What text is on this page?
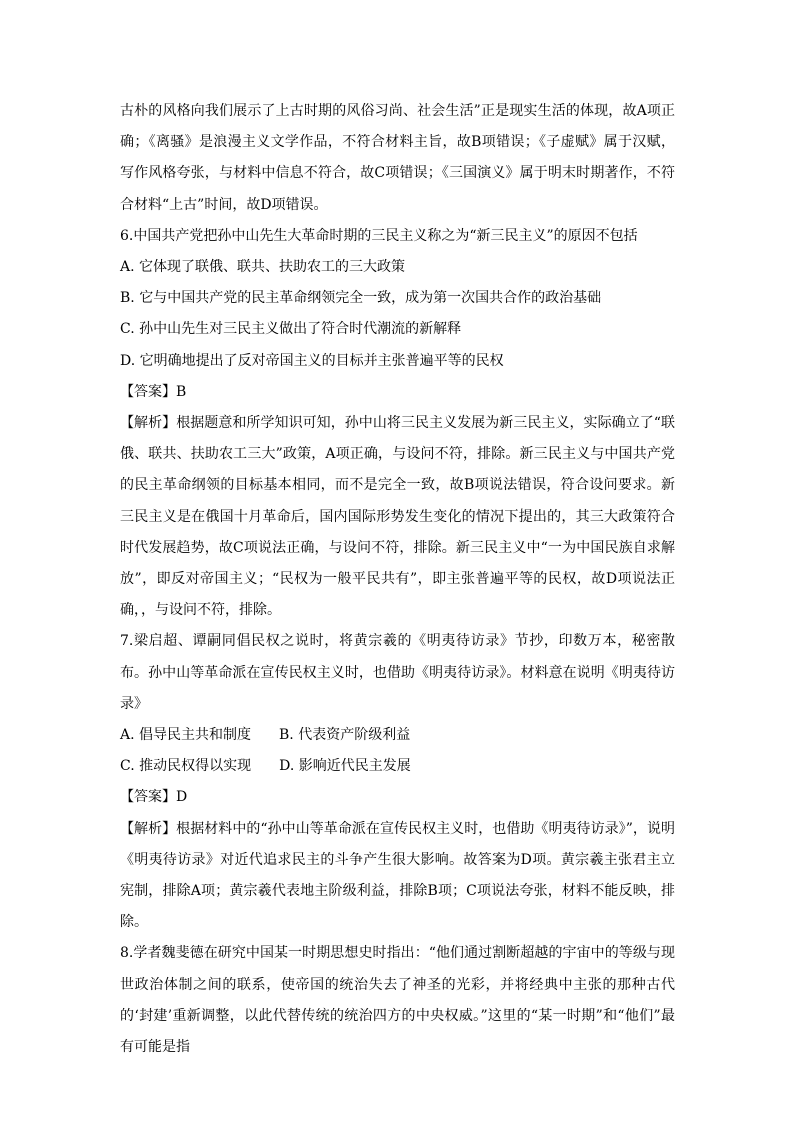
古朴的风格向我们展示了上古时期的风俗习尚、社会生活”正是现实生活的体现，故A项正确；《离骚》是浪漫主义文学作品，不符合材料主旨，故B项错误；《子虚赋》属于汉赋，写作风格夸张，与材料中信息不符合，故C项错误；《三国演义》属于明末时期著作，不符合材料“上古”时间，故D项错误。

6.中国共产党把孙中山先生大革命时期的三民主义称之为“新三民主义”的原因不包括

A. 它体现了联俄、联共、扶助农工的三大政策

B. 它与中国共产党的民主革命纲领完全一致，成为第一次国共合作的政治基础

C. 孙中山先生对三民主义做出了符合时代潮流的新解释

D. 它明确地提出了反对帝国主义的目标并主张普遍平等的民权

【答案】B

【解析】根据题意和所学知识可知，孙中山将三民主义发展为新三民主义，实际确立了“联俄、联共、扶助农工三大”政策，A项正确，与设问不符，排除。新三民主义与中国共产党的民主革命纲领的目标基本相同，而不是完全一致，故B项说法错误，符合设问要求。新三民主义是在俄国十月革命后，国内国际形势发生变化的情况下提出的，其三大政策符合时代发展趋势，故C项说法正确，与设问不符，排除。新三民主义中“一为中国民族自求解放”，即反对帝国主义；“民权为一般平民共有”，即主张普遍平等的民权，故D项说法正确，，与设问不符，排除。

7.梁启超、谭嗣同倡民权之说时，将黄宗羲的《明夷待访录》节抄，印数万本，秘密散布。孙中山等革命派在宣传民权主义时，也借助《明夷待访录》。材料意在说明《明夷待访录》

A. 倡导民主共和制度 B. 代表资产阶级利益

C. 推动民权得以实现 D. 影响近代民主发展

【答案】D

【解析】根据材料中的“孙中山等革命派在宣传民权主义时，也借助《明夷待访录》”，说明《明夷待访录》对近代追求民主的斗争产生很大影响。故答案为D项。黄宗羲主张君主立宪制，排除A项；黄宗羲代表地主阶级利益，排除B项；C项说法夸张，材料不能反映，排除。

8.学者魏斐德在研究中国某一时期思想史时指出：“他们通过割断超越的宇宙中的等级与现世政治体制之间的联系，使帝国的统治失去了神圣的光彩，并将经典中主张的那种古代的‘封建’重新调整，以此代替传统的统治四方的中央权威。”这里的“某一时期”和“他们”最有可能是指
